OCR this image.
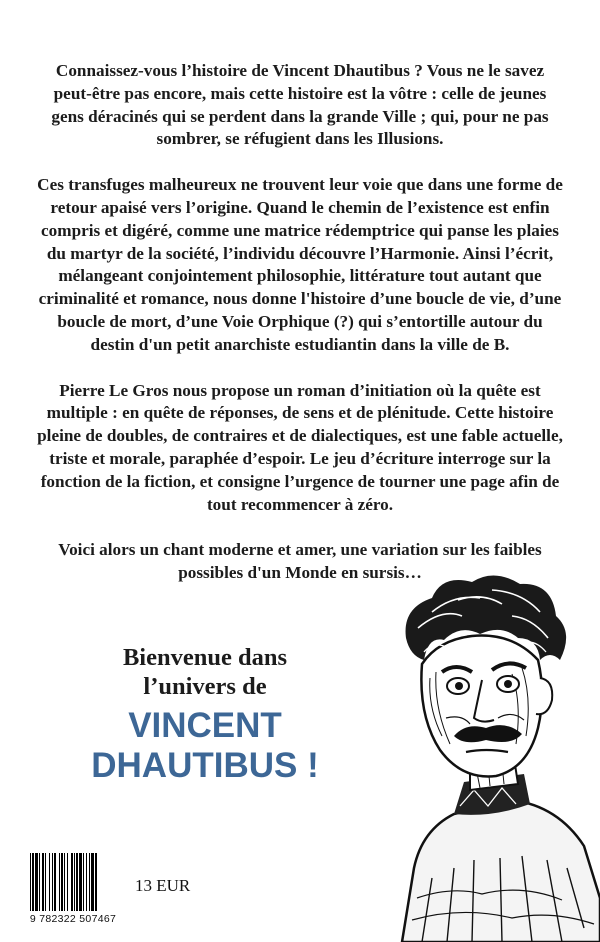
Connaissez-vous l’histoire de Vincent Dhautibus ? Vous ne le savez peut-être pas encore, mais cette histoire est la vôtre : celle de jeunes gens déracinés qui se perdent dans la grande Ville ; qui, pour ne pas sombrer, se réfugient dans les Illusions.

Ces transfuges malheureux ne trouvent leur voie que dans une forme de retour apaisé vers l’origine. Quand le chemin de l’existence est enfin compris et digéré, comme une matrice rédemptrice qui panse les plaies du martyr de la société, l’individu découvre l’Harmonie. Ainsi l’écrit, mélangeant conjointement philosophie, littérature tout autant que criminalité et romance, nous donne l'histoire d’une boucle de vie, d’une boucle de mort, d’une Voie Orphique (?) qui s’entortille autour du destin d'un petit anarchiste estudiantin dans la ville de B.

Pierre Le Gros nous propose un roman d’initiation où la quête est multiple : en quête de réponses, de sens et de plénitude. Cette histoire pleine de doubles, de contraires et de dialectiques, est une fable actuelle, triste et morale, paraphée d’espoir. Le jeu d’écriture interroge sur la fonction de la fiction, et consigne l’urgence de tourner une page afin de tout recommencer à zéro.

Voici alors un chant moderne et amer, une variation sur les faibles possibles d'un Monde en sursis…

Bienvenue dans
l’univers de
VINCENT
DHAUTIBUS !
9 782322 507467
13 EUR
